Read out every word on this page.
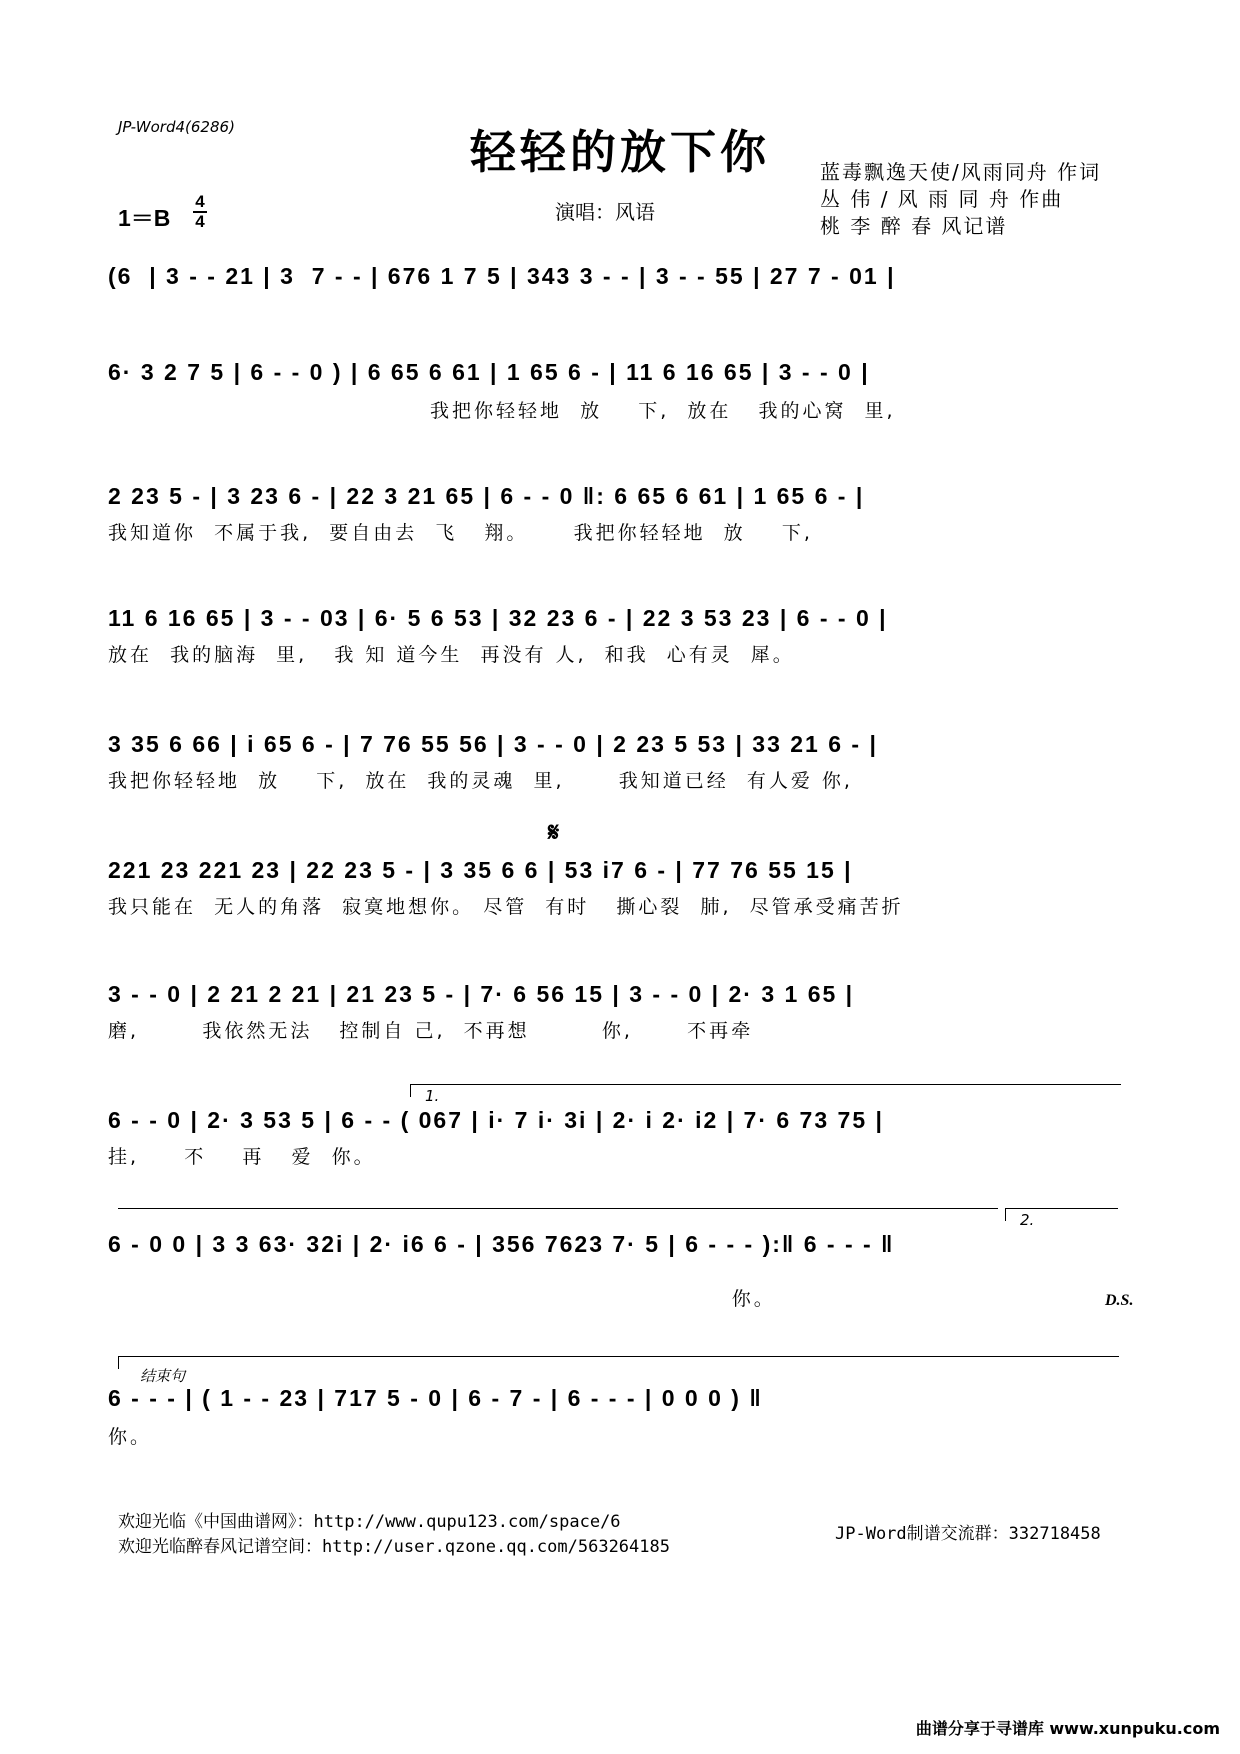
JP-Word4(6286)	轻轻的放下你	蓝毒飘逸天使/风雨同舟 作词
丛 伟 / 风 雨 同 舟 作曲
桃 李 醉 春 风记谱
演唱：风语
1＝B
4
4
(6  | 3 - - 21 | 3  7 - - | 676 1 7 5 | 343 3 - - | 3 - - 55 | 27 7 - 01 |
6· 3 2 7 5 | 6 - - 0 ) | 6 65 6 61 | 1 65 6 - | 11 6 16 65 | 3 - - 0 |
我把你轻轻地  放    下,  放在   我的心窝  里,
2 23 5 - | 3 23 6 - | 22 3 21 65 | 6 - - 0 ‖: 6 65 6 61 | 1 65 6 - |
我知道你  不属于我,  要自由去  飞   翔。     我把你轻轻地  放    下,
11 6 16 65 | 3 - - 03 | 6· 5 6 53 | 32 23 6 - | 22 3 53 23 | 6 - - 0 |
放在  我的脑海  里,   我 知 道今生  再没有 人,  和我  心有灵  犀。
3 35 6 66 | i 65 6 - | 7 76 55 56 | 3 - - 0 | 2 23 5 53 | 33 21 6 - |
我把你轻轻地  放    下,  放在  我的灵魂  里,      我知道已经  有人爱 你,
𝄋
221 23 221 23 | 22 23 5 - | 3 35 6 6 | 53 i7 6 - | 77 76 55 15 |
我只能在  无人的角落  寂寞地想你。 尽管  有时   撕心裂  肺,  尽管承受痛苦折
3 - - 0 | 2 21 2 21 | 21 23 5 - | 7· 6 56 15 | 3 - - 0 | 2· 3 1 65 |
磨,       我依然无法   控制自 己,  不再想        你,      不再牵
1.
6 - - 0 | 2· 3 53 5 | 6 - - ( 067 | i· 7 i· 3i | 2· i 2· i2 | 7· 6 73 75 |
挂,     不    再   爱  你。
2.
6 - 0 0 | 3 3 63· 32i | 2· i6 6 - | 356 7623 7· 5 | 6 - - - ):‖ 6 - - - ‖
你。	D.S.
结束句
6 - - - | ( 1 - - 23 | 717 5 - 0 | 6 - 7 - | 6 - - - | 0 0 0 ) ‖
你。
欢迎光临《中国曲谱网》：http://www.qupu123.com/space/6
欢迎光临醉春风记谱空间：http://user.qzone.qq.com/563264185
JP-Word制谱交流群：332718458
曲谱分享于寻谱库 www.xunpuku.com
